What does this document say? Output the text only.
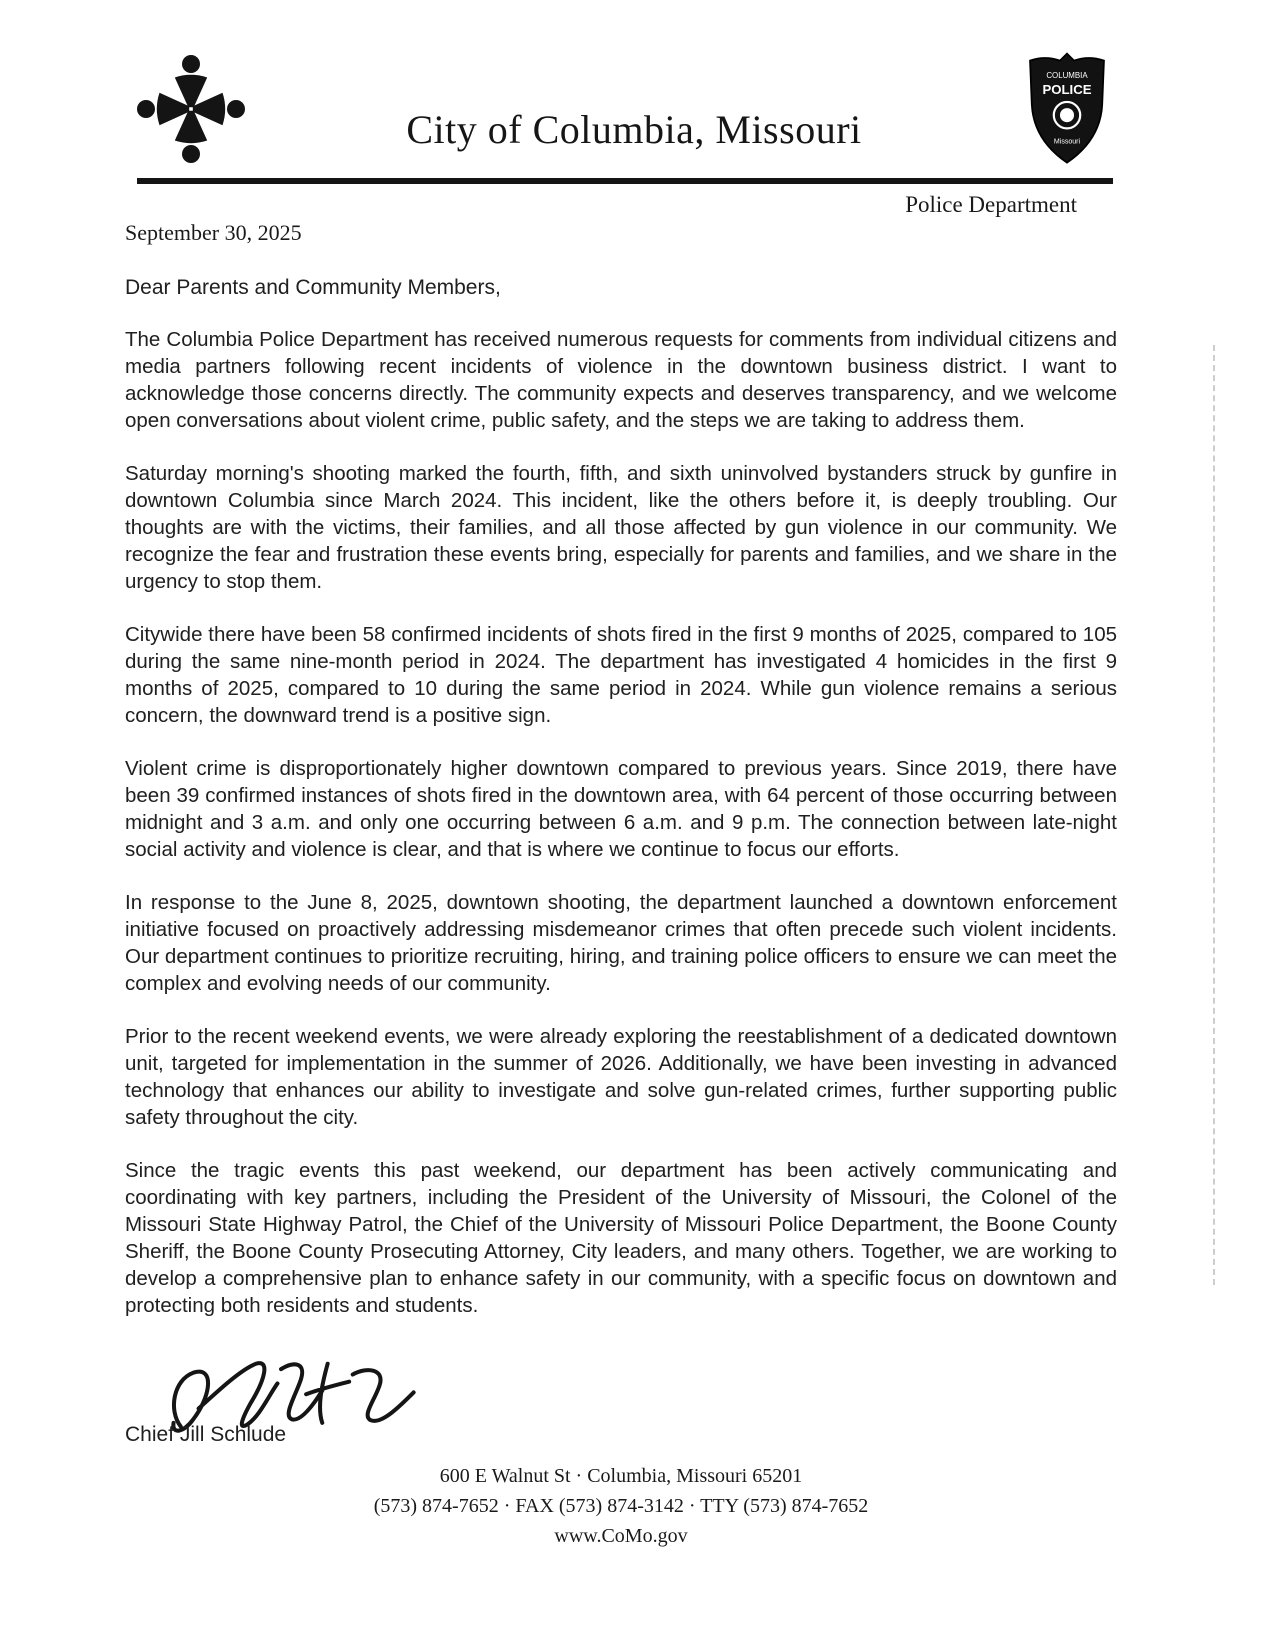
City of Columbia, Missouri
COLUMBIA
POLICE
Missouri
Police Department
September 30, 2025
Dear Parents and Community Members,

The Columbia Police Department has received numerous requests for comments from individual citizens and media partners following recent incidents of violence in the downtown business district. I want to acknowledge those concerns directly. The community expects and deserves transparency, and we welcome open conversations about violent crime, public safety, and the steps we are taking to address them.

Saturday morning's shooting marked the fourth, fifth, and sixth uninvolved bystanders struck by gunfire in downtown Columbia since March 2024. This incident, like the others before it, is deeply troubling. Our thoughts are with the victims, their families, and all those affected by gun violence in our community. We recognize the fear and frustration these events bring, especially for parents and families, and we share in the urgency to stop them.

Citywide there have been 58 confirmed incidents of shots fired in the first 9 months of 2025, compared to 105 during the same nine-month period in 2024. The department has investigated 4 homicides in the first 9 months of 2025, compared to 10 during the same period in 2024. While gun violence remains a serious concern, the downward trend is a positive sign.

Violent crime is disproportionately higher downtown compared to previous years. Since 2019, there have been 39 confirmed instances of shots fired in the downtown area, with 64 percent of those occurring between midnight and 3 a.m. and only one occurring between 6 a.m. and 9 p.m. The connection between late-night social activity and violence is clear, and that is where we continue to focus our efforts.

In response to the June 8, 2025, downtown shooting, the department launched a downtown enforcement initiative focused on proactively addressing misdemeanor crimes that often precede such violent incidents. Our department continues to prioritize recruiting, hiring, and training police officers to ensure we can meet the complex and evolving needs of our community.

Prior to the recent weekend events, we were already exploring the reestablishment of a dedicated downtown unit, targeted for implementation in the summer of 2026. Additionally, we have been investing in advanced technology that enhances our ability to investigate and solve gun-related crimes, further supporting public safety throughout the city.

Since the tragic events this past weekend, our department has been actively communicating and coordinating with key partners, including the President of the University of Missouri, the Colonel of the Missouri State Highway Patrol, the Chief of the University of Missouri Police Department, the Boone County Sheriff, the Boone County Prosecuting Attorney, City leaders, and many others. Together, we are working to develop a comprehensive plan to enhance safety in our community, with a specific focus on downtown and protecting both residents and students.

Chief Jill Schlude
600 E Walnut St · Columbia, Missouri 65201
(573) 874-7652 · FAX (573) 874-3142 · TTY (573) 874-7652
www.CoMo.gov
